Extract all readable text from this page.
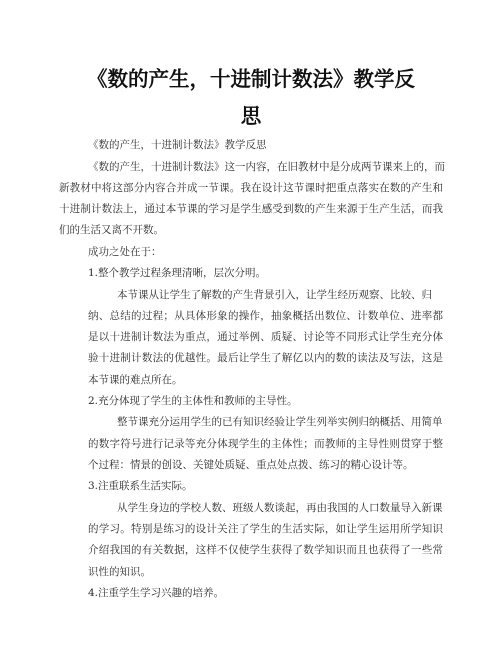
《数的产生，十进制计数法》教学反
思
《数的产生，十进制计数法》教学反思
《数的产生，十进制计数法》这一内容，在旧教材中是分成两节课来上的，而
新教材中将这部分内容合并成一节课。我在设计这节课时把重点落实在数的产生和
十进制计数法上，通过本节课的学习是学生感受到数的产生来源于生产生活，而我
们的生活又离不开数。
成功之处在于：
1.整个教学过程条理清晰，层次分明。
本节课从让学生了解数的产生背景引入，让学生经历观察、比较、归
纳、总结的过程；从具体形象的操作，抽象概括出数位、计数单位、进率都
是以十进制计数法为重点，通过举例、质疑、讨论等不同形式让学生充分体
验十进制计数法的优越性。最后让学生了解亿以内的数的读法及写法，这是
本节课的难点所在。
2.充分体现了学生的主体性和教师的主导性。
整节课充分运用学生的已有知识经验让学生列举实例归纳概括、用简单
的数字符号进行记录等充分体现学生的主体性；而教师的主导性则贯穿于整
个过程：情景的创设、关键处质疑、重点处点拨、练习的精心设计等。
3.注重联系生活实际。
从学生身边的学校人数、班级人数谈起，再由我国的人口数量导入新课
的学习。特别是练习的设计关注了学生的生活实际，如让学生运用所学知识
介绍我国的有关数据，这样不仅使学生获得了数学知识而且也获得了一些常
识性的知识。
4.注重学生学习兴趣的培养。
